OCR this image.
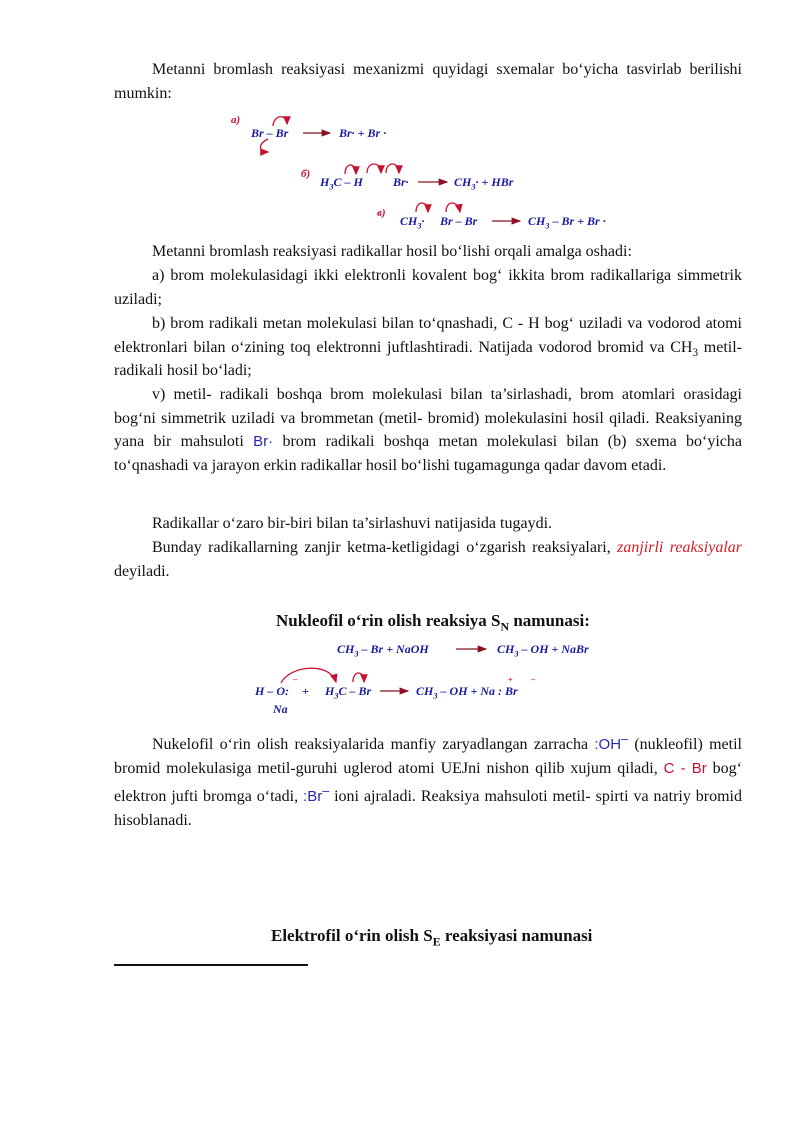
Metanni bromlash reaksiyasi mexanizmi quyidagi sxemalar bo‘yicha tasvirlab berilishi mumkin:

a)
Br – Br	Br· + Br ·
б)
$H_3C$ – H	Br·	$CH_3\cdot$ + HBr
в)
$CH_3\cdot Br - Br$	$CH_3 - Br + Br$ ·

Metanni bromlash reaksiyasi radikallar hosil bo‘lishi orqali amalga oshadi:

a) brom molekulasidagi ikki elektronli kovalent bog‘ ikkita brom radikallariga simmetrik uziladi;

b) brom radikali metan molekulasi bilan to‘qnashadi, C - H bog‘ uziladi va vodorod atomi elektronlari bilan o‘zining toq elektronni juftlashtiradi. Natijada vodorod bromid va $CH_3$ metil- radikali hosil bo‘ladi;

v) metil- radikali boshqa brom molekulasi bilan ta’sirlashadi, brom atomlari orasidagi bog‘ni simmetrik uziladi va brommetan (metil- bromid) molekulasini hosil qiladi. Reaksiyaning yana bir mahsuloti Br· brom radikali boshqa metan molekulasi bilan (b) sxema bo‘yicha to‘qnashadi va jarayon erkin radikallar hosil bo‘lishi tugamagunga qadar davom etadi.

Radikallar o‘zaro bir-biri bilan ta’sirlashuvi natijasida tugaydi.

Bunday radikallarning zanjir ketma-ketligidagi o‘zgarish reaksiyalari, zanjirli reaksiyalar deyiladi.

Nukleofil o‘rin olish reaksiya $S_N$ namunasi:
$CH_3$ – Br + NaOH	$CH_3$ – OH + NaBr
H – O: + $H_3C$ – Br	$CH_3$ – OH + Na : Br
Na

Nukelofil o‘rin olish reaksiyalarida manfiy zaryadlangan zarracha :OH– (nukleofil) metil bromid molekulasiga metil-guruhi uglerod atomi UEJni nishon qilib xujum qiladi, C - Br bog‘ elektron jufti bromga o‘tadi, :Br– ioni ajraladi. Reaksiya mahsuloti metil- spirti va natriy bromid hisoblanadi.

Elektrofil o‘rin olish $S_E$ reaksiyasi namunasi
–	+ –
